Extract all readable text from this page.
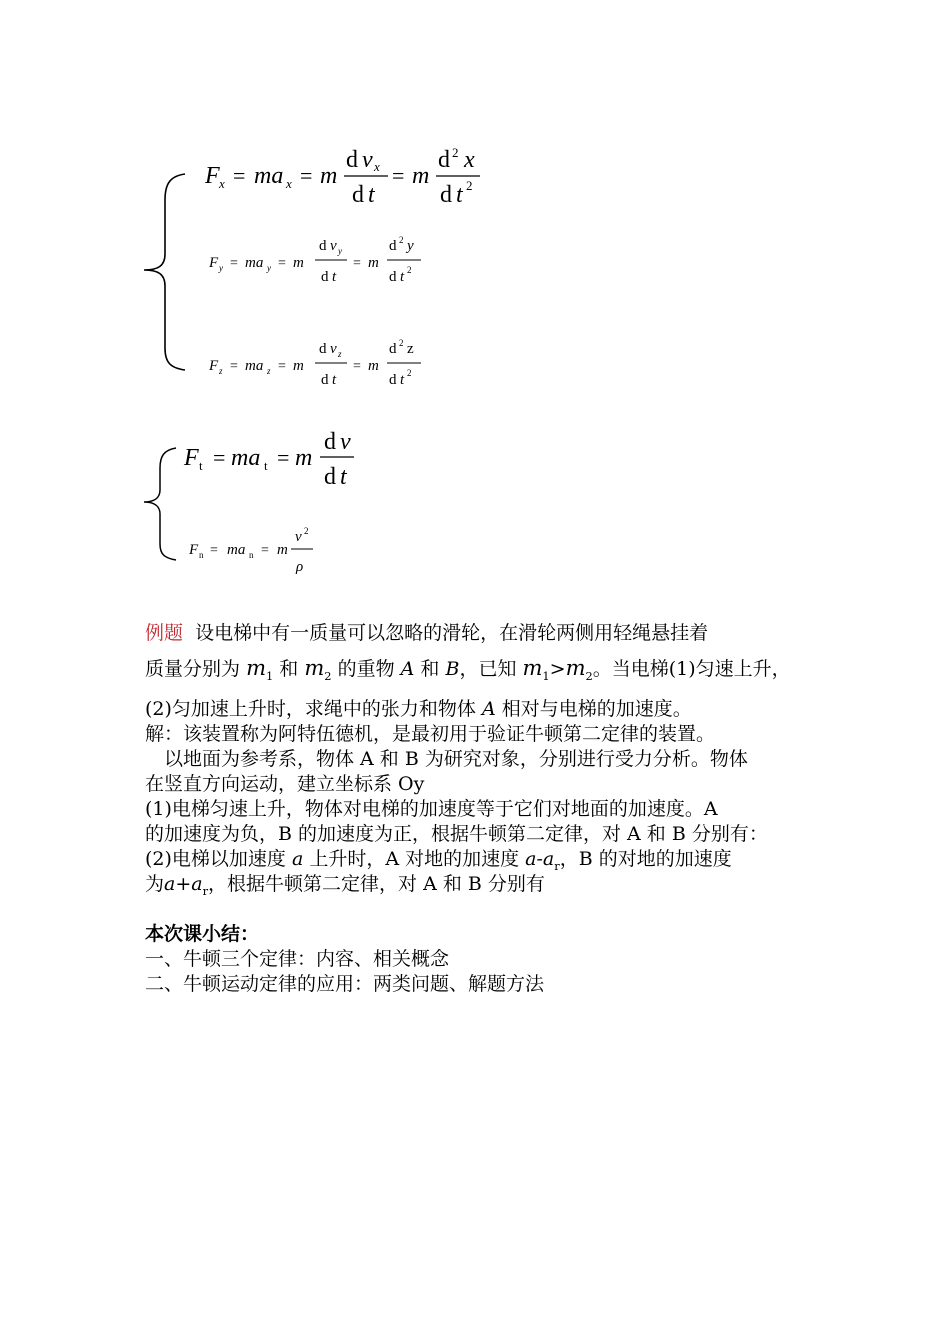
F x = ma x = m
d v x
d t
= m
d 2 x
d t 2
F y = ma y = m
d v y
d t
= m
d 2 y
d t 2
F z = ma z = m
d v z
d t
= m
d 2 z
d t 2
F t = ma t = m
d v
d t
F n = ma n = m
v 2
ρ
例题 设电梯中有一质量可以忽略的滑轮，在滑轮两侧用轻绳悬挂着
质量分别为 $m_1$ 和 $m_2$ 的重物 A 和 B，已知 $m_1>m_2$。当电梯(1)匀速上升，
(2)匀加速上升时，求绳中的张力和物体 A 相对与电梯的加速度。
解：该装置称为阿特伍德机，是最初用于验证牛顿第二定律的装置。
　以地面为参考系，物体 A 和 B 为研究对象，分别进行受力分析。物体
在竖直方向运动，建立坐标系 Oy
(1)电梯匀速上升，物体对电梯的加速度等于它们对地面的加速度。A
的加速度为负，B 的加速度为正，根据牛顿第二定律，对 A 和 B 分别有：
(2)电梯以加速度 a 上升时，A 对地的加速度 $a-a_r$，B 的对地的加速度
为$a+a_r$，根据牛顿第二定律，对 A 和 B 分别有
本次课小结：
一、牛顿三个定律：内容、相关概念
二、牛顿运动定律的应用：两类问题、解题方法
